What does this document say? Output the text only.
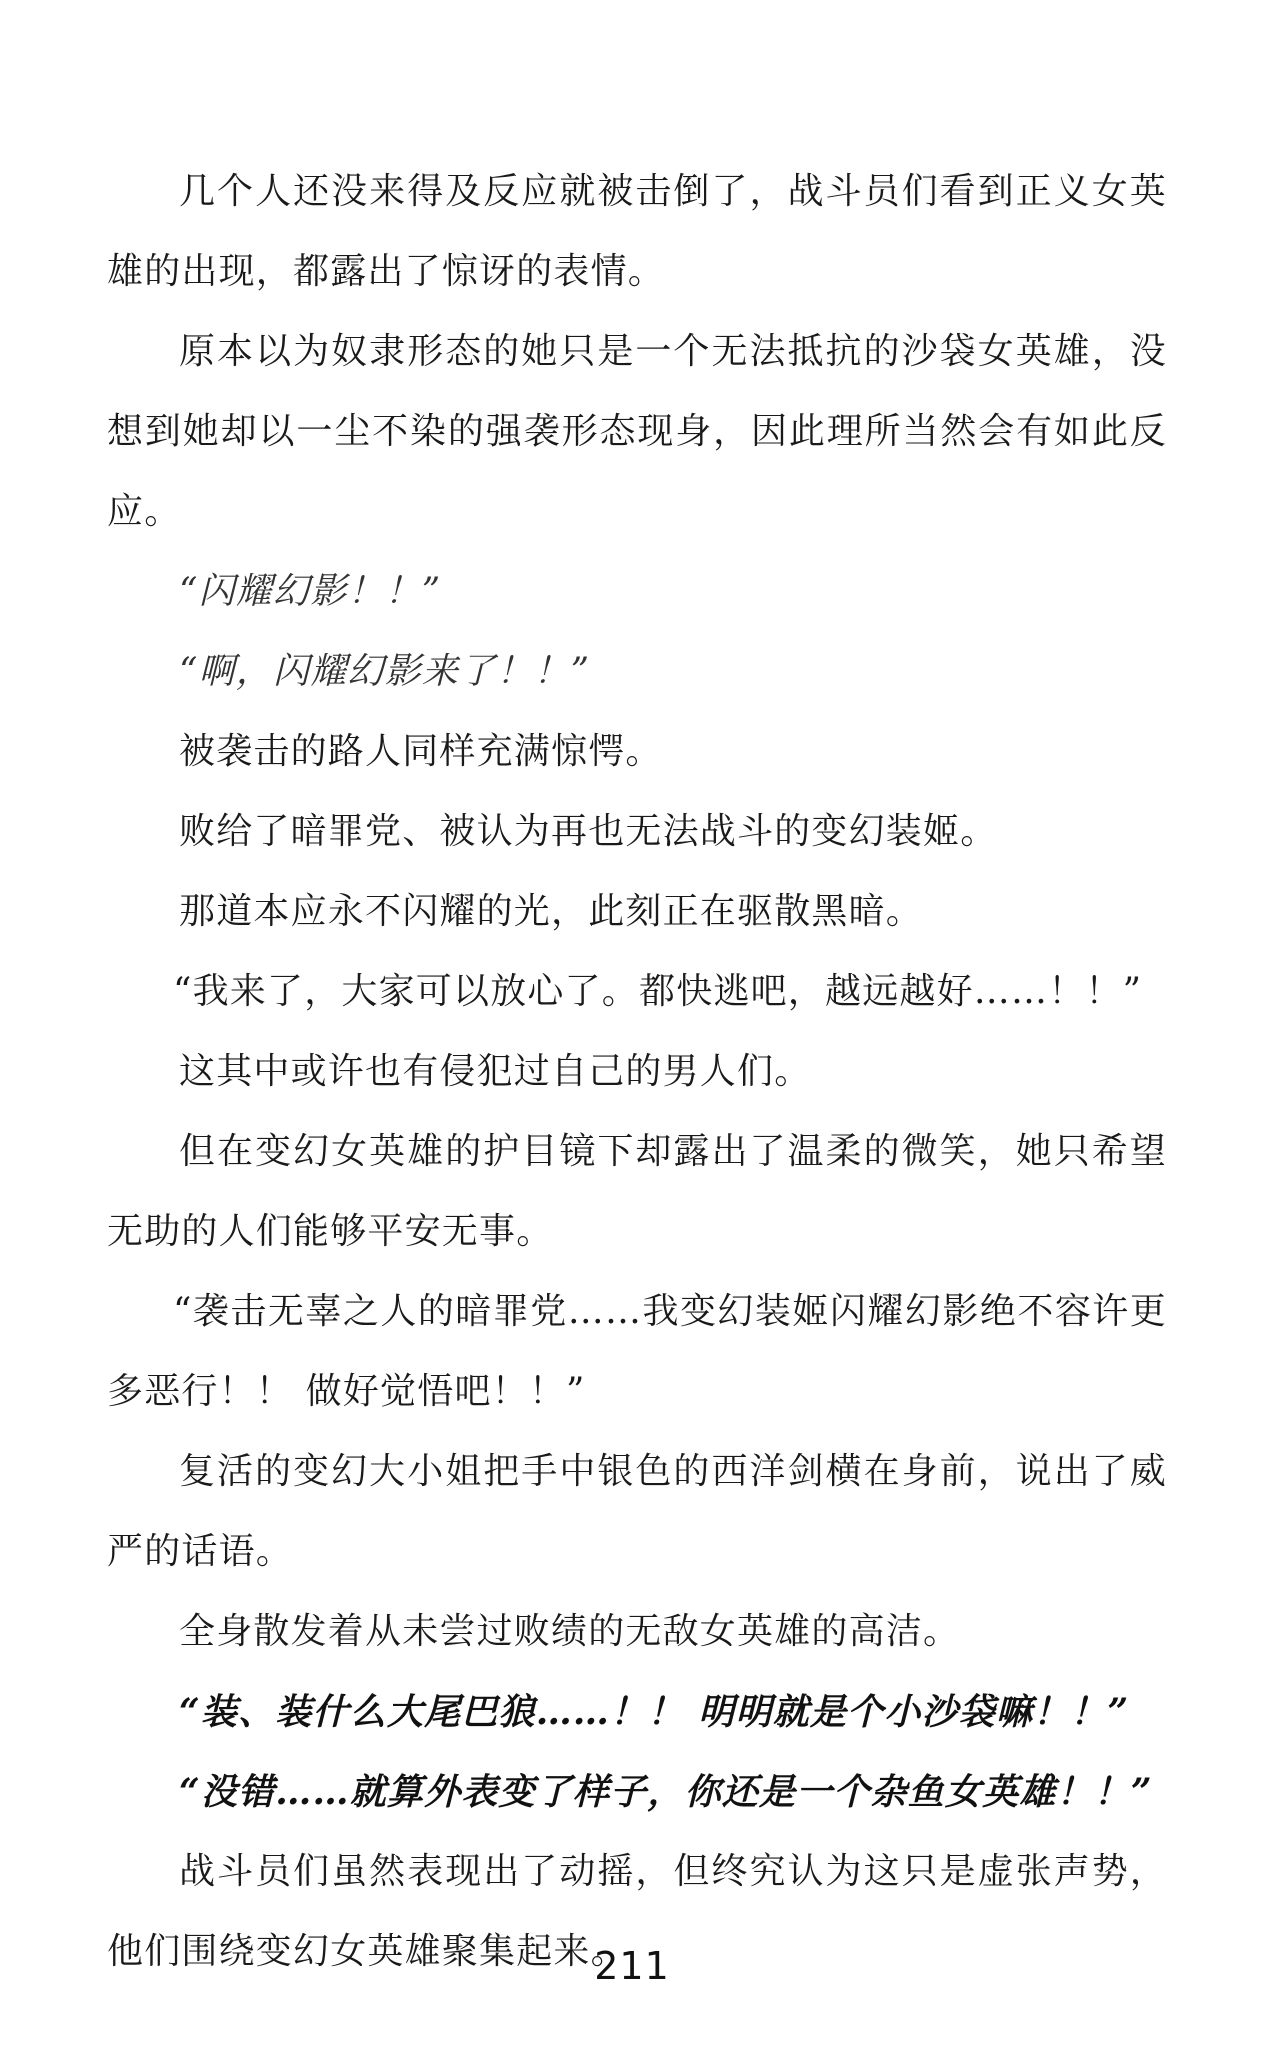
几个人还没来得及反应就被击倒了，战斗员们看到正义女英雄的出现，都露出了惊讶的表情。

原本以为奴隶形态的她只是一个无法抵抗的沙袋女英雄，没想到她却以一尘不染的强袭形态现身，因此理所当然会有如此反应。

“闪耀幻影！！”

“啊，闪耀幻影来了！！”

被袭击的路人同样充满惊愕。

败给了暗罪党、被认为再也无法战斗的变幻装姬。

那道本应永不闪耀的光，此刻正在驱散黑暗。

“我来了，大家可以放心了。都快逃吧，越远越好……！！”

这其中或许也有侵犯过自己的男人们。

但在变幻女英雄的护目镜下却露出了温柔的微笑，她只希望无助的人们能够平安无事。

“袭击无辜之人的暗罪党……我变幻装姬闪耀幻影绝不容许更多恶行！！ 做好觉悟吧！！”

复活的变幻大小姐把手中银色的西洋剑横在身前，说出了威严的话语。

全身散发着从未尝过败绩的无敌女英雄的高洁。

“装、装什么大尾巴狼……！！ 明明就是个小沙袋嘛！！”

“没错……就算外表变了样子，你还是一个杂鱼女英雄！！”

战斗员们虽然表现出了动摇，但终究认为这只是虚张声势，他们围绕变幻女英雄聚集起来。

211
